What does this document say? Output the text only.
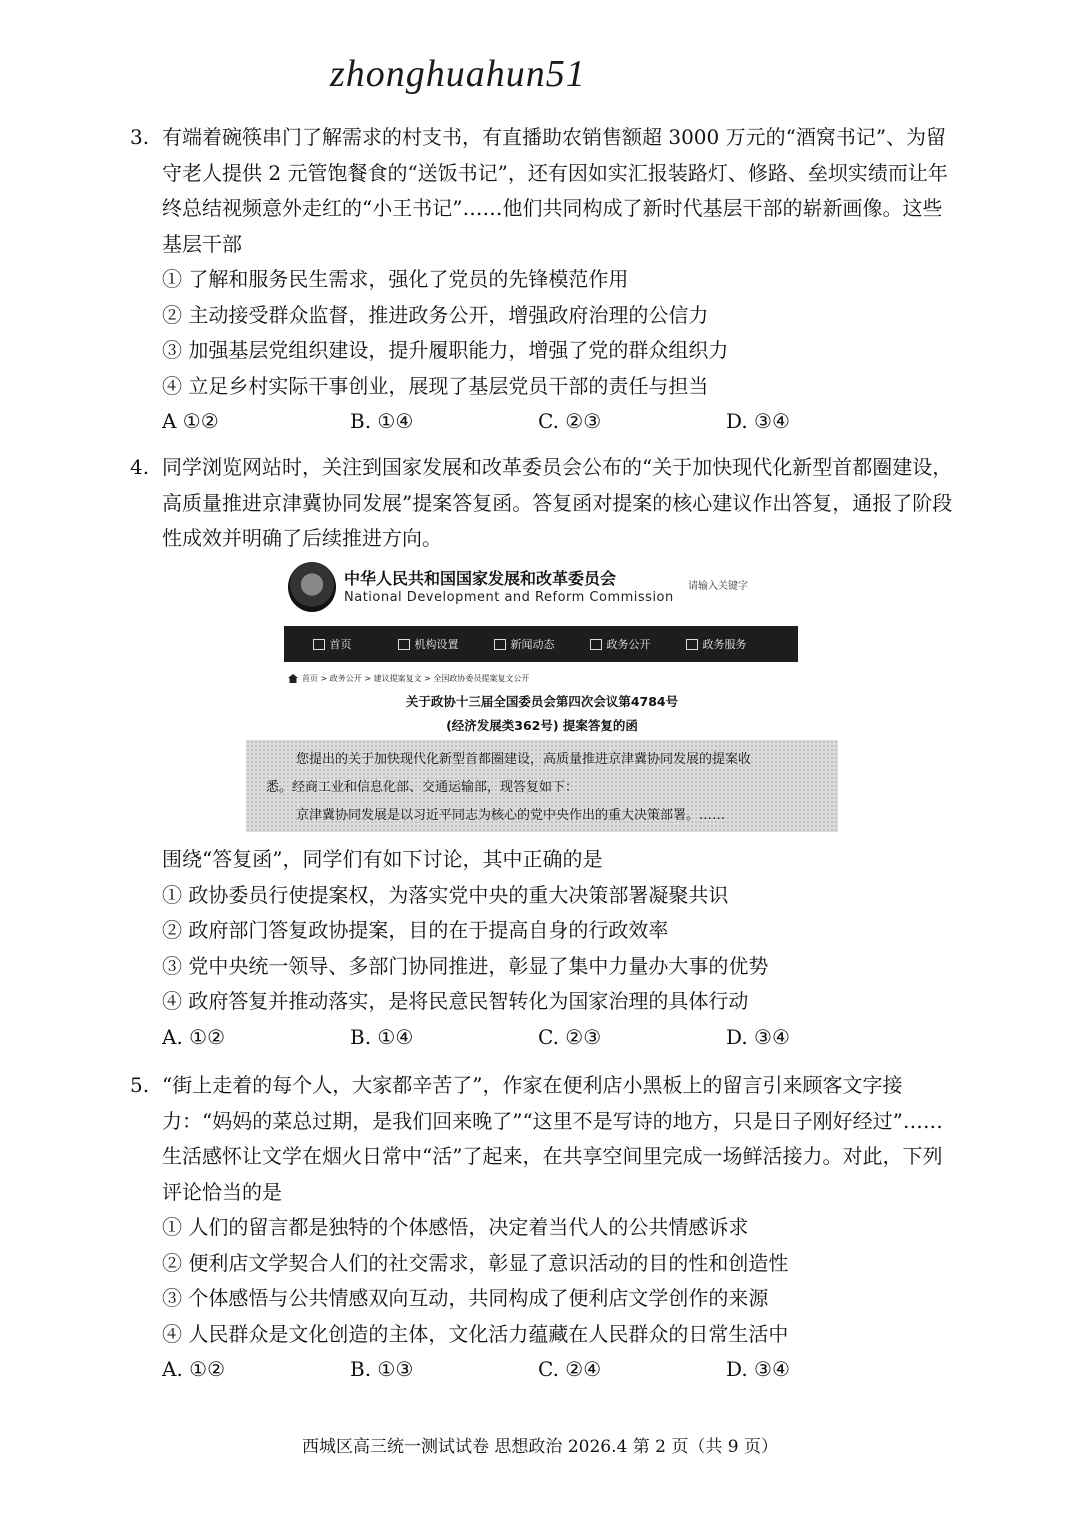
zhonghuahun51
3. 有端着碗筷串门了解需求的村支书，有直播助农销售额超 3000 万元的“酒窝书记”、为留守老人提供 2 元管饱餐食的“送饭书记”，还有因如实汇报装路灯、修路、垒坝实绩而让年终总结视频意外走红的“小王书记”……他们共同构成了新时代基层干部的崭新画像。这些基层干部
① 了解和服务民生需求，强化了党员的先锋模范作用
② 主动接受群众监督，推进政务公开，增强政府治理的公信力
③ 加强基层党组织建设，提升履职能力，增强了党的群众组织力
④ 立足乡村实际干事创业，展现了基层党员干部的责任与担当
A ①②	B. ①④	C. ②③	D. ③④
4. 同学浏览网站时，关注到国家发展和改革委员会公布的“关于加快现代化新型首都圈建设，高质量推进京津冀协同发展”提案答复函。答复函对提案的核心建议作出答复，通报了阶段性成效并明确了后续推进方向。
中华人民共和国国家发展和改革委员会
National Development and Reform Commission
请输入关键字
首页	机构设置	新闻动态	政务公开	政务服务
首页 > 政务公开 > 建议提案复文 > 全国政协委员提案复文公开
关于政协十三届全国委员会第四次会议第4784号
(经济发展类362号) 提案答复的函
您提出的关于加快现代化新型首都圈建设，高质量推进京津冀协同发展的提案收
悉。经商工业和信息化部、交通运输部，现答复如下：
京津冀协同发展是以习近平同志为核心的党中央作出的重大决策部署。……
围绕“答复函”，同学们有如下讨论，其中正确的是
① 政协委员行使提案权，为落实党中央的重大决策部署凝聚共识
② 政府部门答复政协提案，目的在于提高自身的行政效率
③ 党中央统一领导、多部门协同推进，彰显了集中力量办大事的优势
④ 政府答复并推动落实，是将民意民智转化为国家治理的具体行动
A. ①②	B. ①④	C. ②③	D. ③④
5. “街上走着的每个人，大家都辛苦了”，作家在便利店小黑板上的留言引来顾客文字接力：“妈妈的菜总过期，是我们回来晚了”“这里不是写诗的地方，只是日子刚好经过”……生活感怀让文学在烟火日常中“活”了起来，在共享空间里完成一场鲜活接力。对此，下列评论恰当的是
① 人们的留言都是独特的个体感悟，决定着当代人的公共情感诉求
② 便利店文学契合人们的社交需求，彰显了意识活动的目的性和创造性
③ 个体感悟与公共情感双向互动，共同构成了便利店文学创作的来源
④ 人民群众是文化创造的主体，文化活力蕴藏在人民群众的日常生活中
A. ①②	B. ①③	C. ②④	D. ③④
西城区高三统一测试试卷 思想政治 2026.4 第 2 页（共 9 页）
